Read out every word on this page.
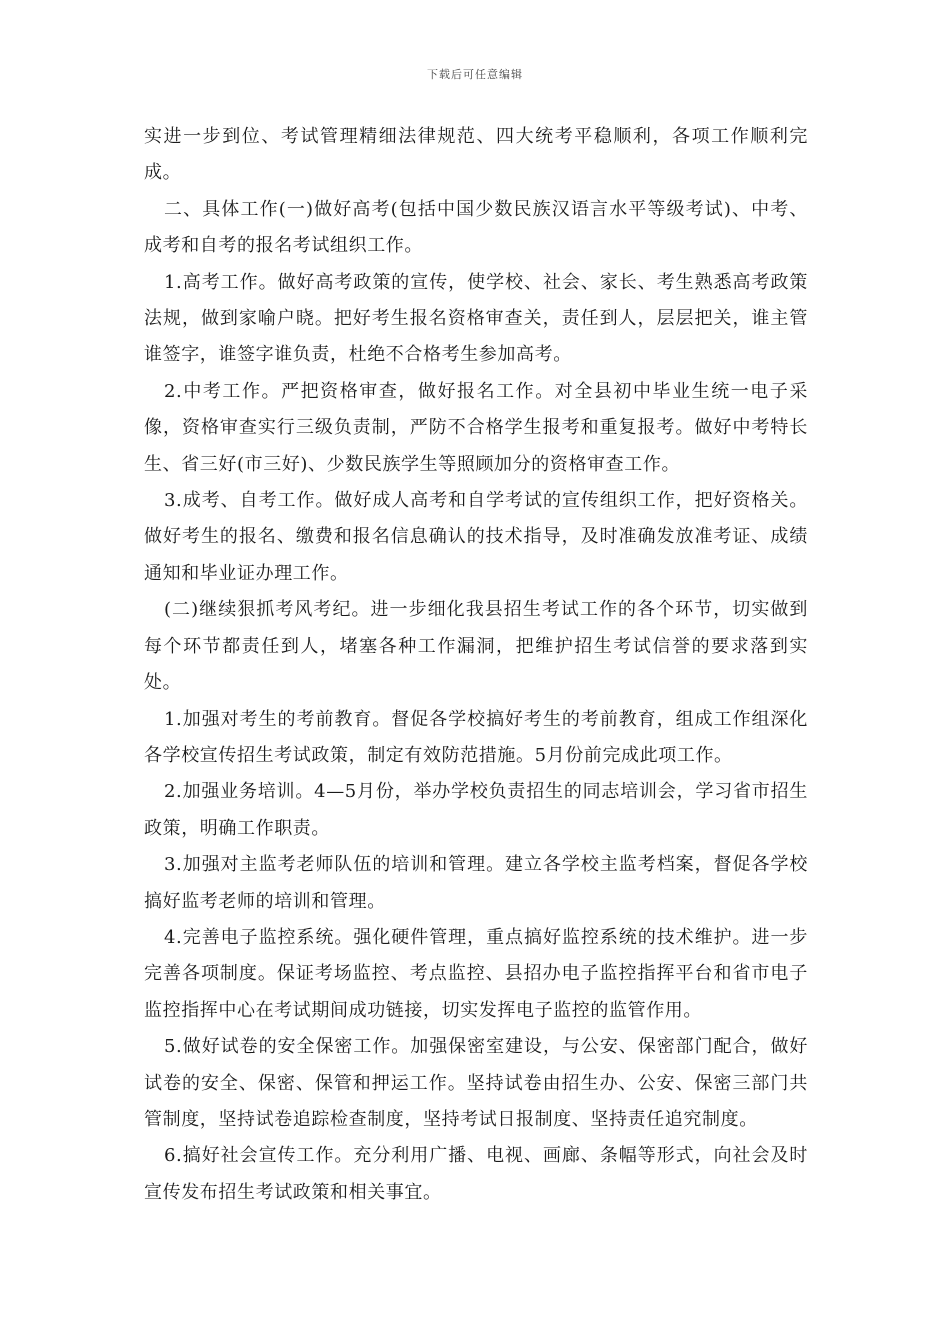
下载后可任意编辑

实进一步到位、考试管理精细法律规范、四大统考平稳顺利，各项工作顺利完成。

二、具体工作(一)做好高考(包括中国少数民族汉语言水平等级考试)、中考、成考和自考的报名考试组织工作。

1.高考工作。做好高考政策的宣传，使学校、社会、家长、考生熟悉高考政策法规，做到家喻户晓。把好考生报名资格审查关，责任到人，层层把关，谁主管谁签字，谁签字谁负责，杜绝不合格考生参加高考。

2.中考工作。严把资格审查，做好报名工作。对全县初中毕业生统一电子采像，资格审查实行三级负责制，严防不合格学生报考和重复报考。做好中考特长生、省三好(市三好)、少数民族学生等照顾加分的资格审查工作。

3.成考、自考工作。做好成人高考和自学考试的宣传组织工作，把好资格关。做好考生的报名、缴费和报名信息确认的技术指导，及时准确发放准考证、成绩通知和毕业证办理工作。

(二)继续狠抓考风考纪。进一步细化我县招生考试工作的各个环节，切实做到每个环节都责任到人，堵塞各种工作漏洞，把维护招生考试信誉的要求落到实处。

1.加强对考生的考前教育。督促各学校搞好考生的考前教育，组成工作组深化各学校宣传招生考试政策，制定有效防范措施。5月份前完成此项工作。

2.加强业务培训。4—5月份，举办学校负责招生的同志培训会，学习省市招生政策，明确工作职责。

3.加强对主监考老师队伍的培训和管理。建立各学校主监考档案，督促各学校搞好监考老师的培训和管理。

4.完善电子监控系统。强化硬件管理，重点搞好监控系统的技术维护。进一步完善各项制度。保证考场监控、考点监控、县招办电子监控指挥平台和省市电子监控指挥中心在考试期间成功链接，切实发挥电子监控的监管作用。

5.做好试卷的安全保密工作。加强保密室建设，与公安、保密部门配合，做好试卷的安全、保密、保管和押运工作。坚持试卷由招生办、公安、保密三部门共管制度，坚持试卷追踪检查制度，坚持考试日报制度、坚持责任追究制度。

6.搞好社会宣传工作。充分利用广播、电视、画廊、条幅等形式，向社会及时宣传发布招生考试政策和相关事宜。
